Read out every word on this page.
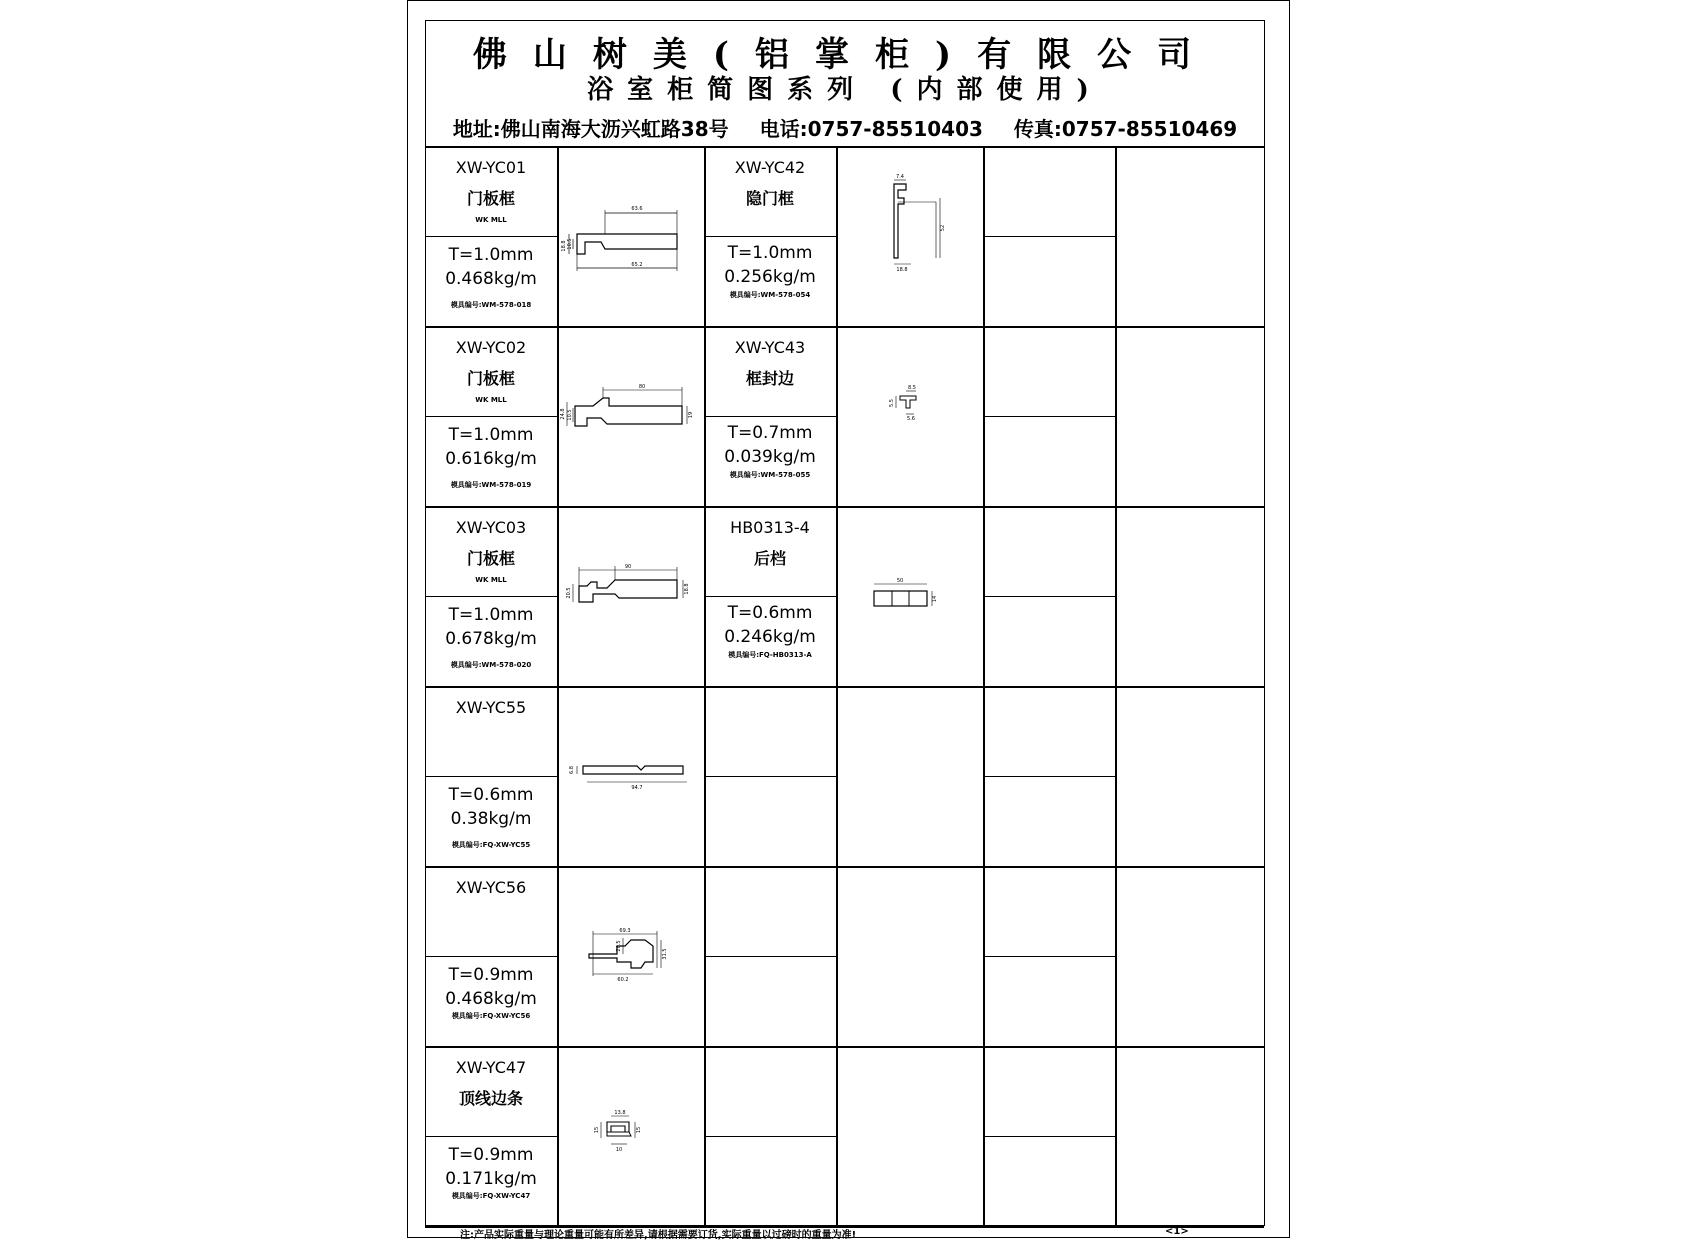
佛山树美(铝掌柜)有限公司
浴室柜简图系列 (内部使用)
地址:佛山南海大沥兴虹路38号 电话:0757-85510403 传真:0757-85510469
XW-YC01
门板框
WK MLL
T=1.0mm
0.468kg/m
模具编号:WM-578-018
XW-YC42
隐门框
T=1.0mm
0.256kg/m
模具编号:WM-578-054
XW-YC02
门板框
WK MLL
T=1.0mm
0.616kg/m
模具编号:WM-578-019
XW-YC43
框封边
T=0.7mm
0.039kg/m
模具编号:WM-578-055
XW-YC03
门板框
WK MLL
T=1.0mm
0.678kg/m
模具编号:WM-578-020
HB0313-4
后档
T=0.6mm
0.246kg/m
模具编号:FQ-HB0313-A
XW-YC55
T=0.6mm
0.38kg/m
模具编号:FQ-XW-YC55
XW-YC56
T=0.9mm
0.468kg/m
模具编号:FQ-XW-YC56
XW-YC47
顶线边条
T=0.9mm
0.171kg/m
模具编号:FQ-XW-YC47
63.6
18.8 10.5
65.2
7.4
52
18.8
80
24.8 10.5	19
8.5
5.5
5.6
90
20.5	18.8
50
14
6.8
94.7
69.3
20.5
31.5
60.2
13.8
15	15
10
注:产品实际重量与理论重量可能有所差异,请根据需要订货,实际重量以过磅时的重量为准!	<1>
